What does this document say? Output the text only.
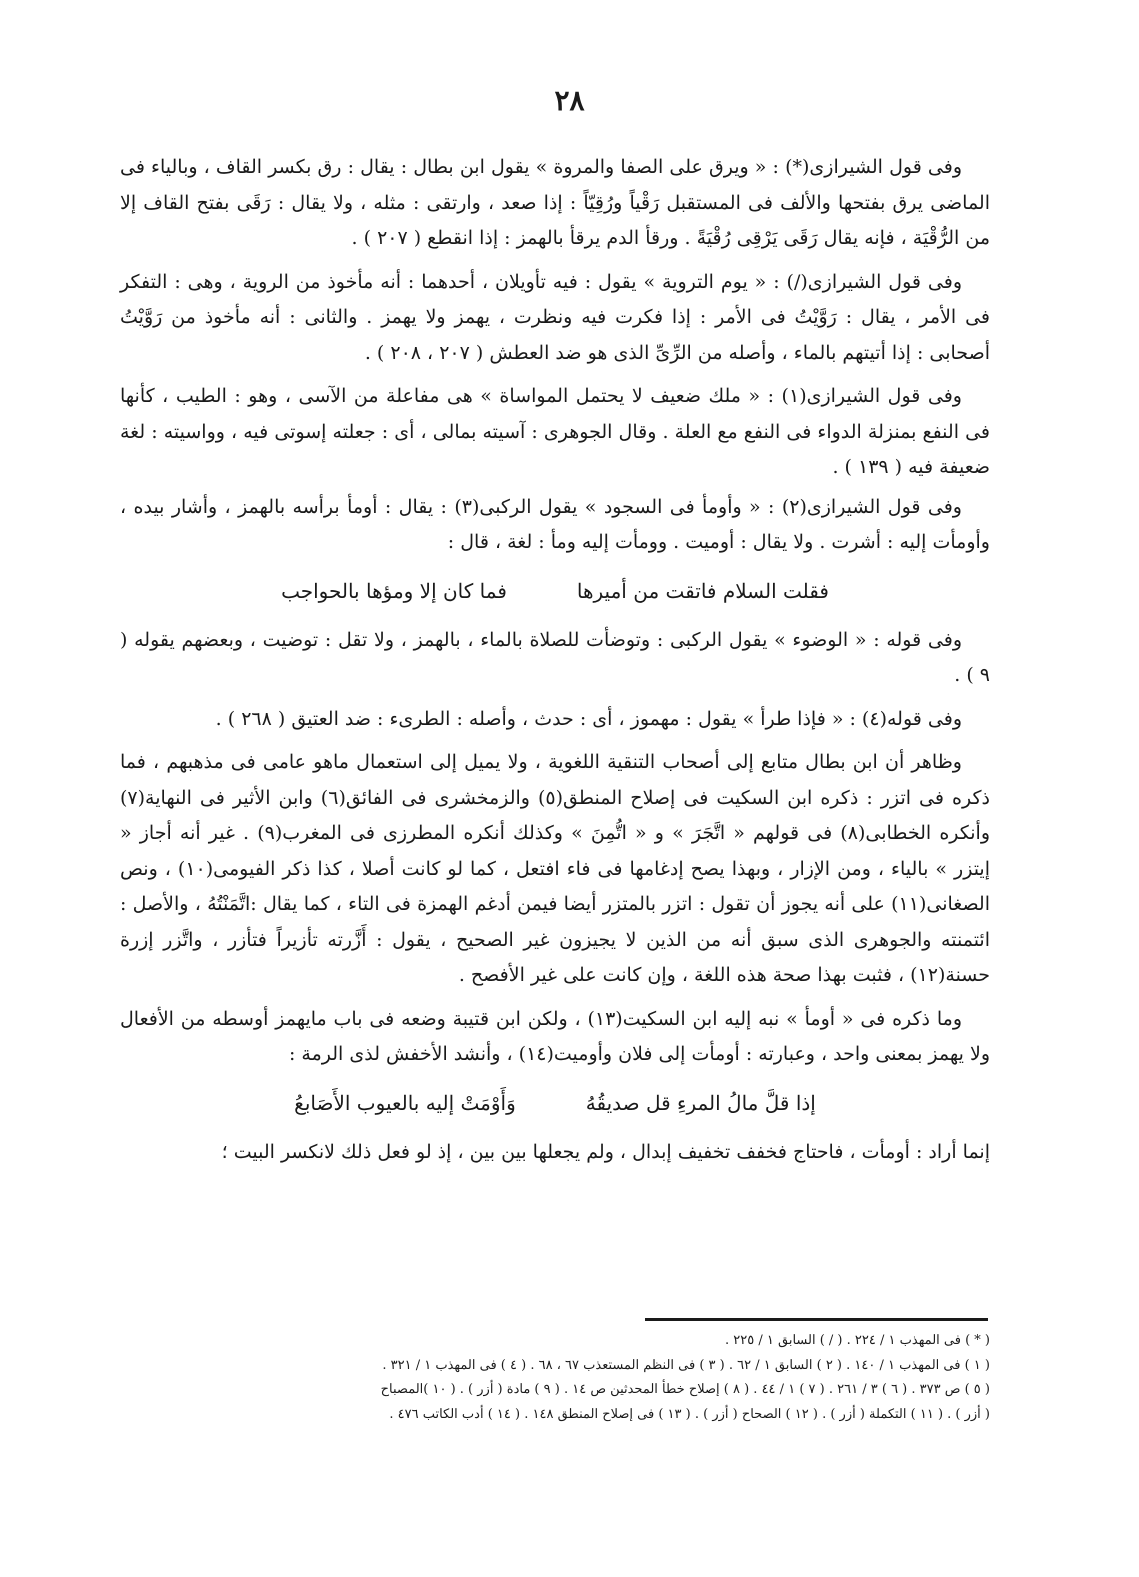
٢٨

وفى قول الشيرازى(*) : « ويرق على الصفا والمروة » يقول ابن بطال : يقال : رق بكسر القاف ، وبالياء فى الماضى يرق بفتحها والألف فى المستقبل رَقْياً ورُقِيّاً : إذا صعد ، وارتقى : مثله ، ولا يقال : رَقَى بفتح القاف إلا من الرُّقْيَة ، فإنه يقال رَقَى يَرْقِى رُقْيَةً . ورقأ الدم يرقأ بالهمز : إذا انقطع ( ٢٠٧ ) .

وفى قول الشيرازى(/) : « يوم التروية » يقول : فيه تأويلان ، أحدهما : أنه مأخوذ من الروية ، وهى : التفكر فى الأمر ، يقال : رَوَّيْتُ فى الأمر : إذا فكرت فيه ونظرت ، يهمز ولا يهمز . والثانى : أنه مأخوذ من رَوَّيْتُ أصحابى : إذا أتيتهم بالماء ، وأصله من الرِّىِّ الذى هو ضد العطش ( ٢٠٧ ، ٢٠٨ ) .

وفى قول الشيرازى(١) : « ملك ضعيف لا يحتمل المواساة » هى مفاعلة من الآسى ، وهو : الطيب ، كأنها فى النفع بمنزلة الدواء فى النفع مع العلة . وقال الجوهرى : آسيته بمالى ، أى : جعلته إسوتى فيه ، وواسيته : لغة ضعيفة فيه ( ١٣٩ ) .

وفى قول الشيرازى(٢) : « وأومأ فى السجود » يقول الركبى(٣) : يقال : أومأ برأسه بالهمز ، وأشار بيده ، وأومأت إليه : أشرت . ولا يقال : أوميت . وومأت إليه ومأ : لغة ، قال :

فقلت السلام فاتقت من أميرها
فما كان إلا ومؤها بالحواجب

وفى قوله : « الوضوء » يقول الركبى : وتوضأت للصلاة بالماء ، بالهمز ، ولا تقل : توضيت ، وبعضهم يقوله ( ٩ ) .

وفى قوله(٤) : « فإذا طرأ » يقول : مهموز ، أى : حدث ، وأصله : الطرىء : ضد العتيق ( ٢٦٨ ) .

وظاهر أن ابن بطال متابع إلى أصحاب التنقية اللغوية ، ولا يميل إلى استعمال ماهو عامى فى مذهبهم ، فما ذكره فى اتزر : ذكره ابن السكيت فى إصلاح المنطق(٥) والزمخشرى فى الفائق(٦) وابن الأثير فى النهاية(٧) وأنكره الخطابى(٨) فى قولهم « اتَّجَرَ » و « اتُّمِنَ » وكذلك أنكره المطرزى فى المغرب(٩) . غير أنه أجاز « إيتزر » بالياء ، ومن الإزار ، وبهذا يصح إدغامها فى فاء افتعل ، كما لو كانت أصلا ، كذا ذكر الفيومى(١٠) ، ونص الصغانى(١١) على أنه يجوز أن تقول : اتزر بالمتزر أيضا فيمن أدغم الهمزة فى التاء ، كما يقال :اتَّمَنْتُهُ ، والأصل : ائتمنته والجوهرى الذى سبق أنه من الذين لا يجيزون غير الصحيح ، يقول : أَزَّرته تأزيراً فتأزر ، واتَّزر إزرة حسنة(١٢) ، فثبت بهذا صحة هذه اللغة ، وإن كانت على غير الأفصح .

وما ذكره فى « أومأ » نبه إليه ابن السكيت(١٣) ، ولكن ابن قتيبة وضعه فى باب مايهمز أوسطه من الأفعال ولا يهمز بمعنى واحد ، وعبارته : أومأت إلى فلان وأوميت(١٤) ، وأنشد الأخفش لذى الرمة :

إذا قلَّ مالُ المرءِ قل صديقُهُ
وَأَوْمَتْ إليه بالعيوب الأَصَابعُ

إنما أراد : أومأت ، فاحتاج فخفف تخفيف إبدال ، ولم يجعلها بين بين ، إذ لو فعل ذلك لانكسر البيت ؛

( * ) فى المهذب ١ / ٢٢٤ . ( / ) السابق ١ / ٢٢٥ .

( ١ ) فى المهذب ١ / ١٤٠ . ( ٢ ) السابق ١ / ٦٢ . ( ٣ ) فى النظم المستعذب ٦٧ ، ٦٨ . ( ٤ ) فى المهذب ١ / ٣٢١ .

( ٥ ) ص ٣٧٣ . ( ٦ ) ٣ / ٢٦١ . ( ٧ ) ١ / ٤٤ . ( ٨ ) إصلاح خطأ المحدثين ص ١٤ . ( ٩ ) مادة ( أزر ) . ( ١٠ )المصباح

( أزر ) . ( ١١ ) التكملة ( أزر ) . ( ١٢ ) الصحاح ( أزر ) . ( ١٣ ) فى إصلاح المنطق ١٤٨ . ( ١٤ ) أدب الكاتب ٤٧٦ .
